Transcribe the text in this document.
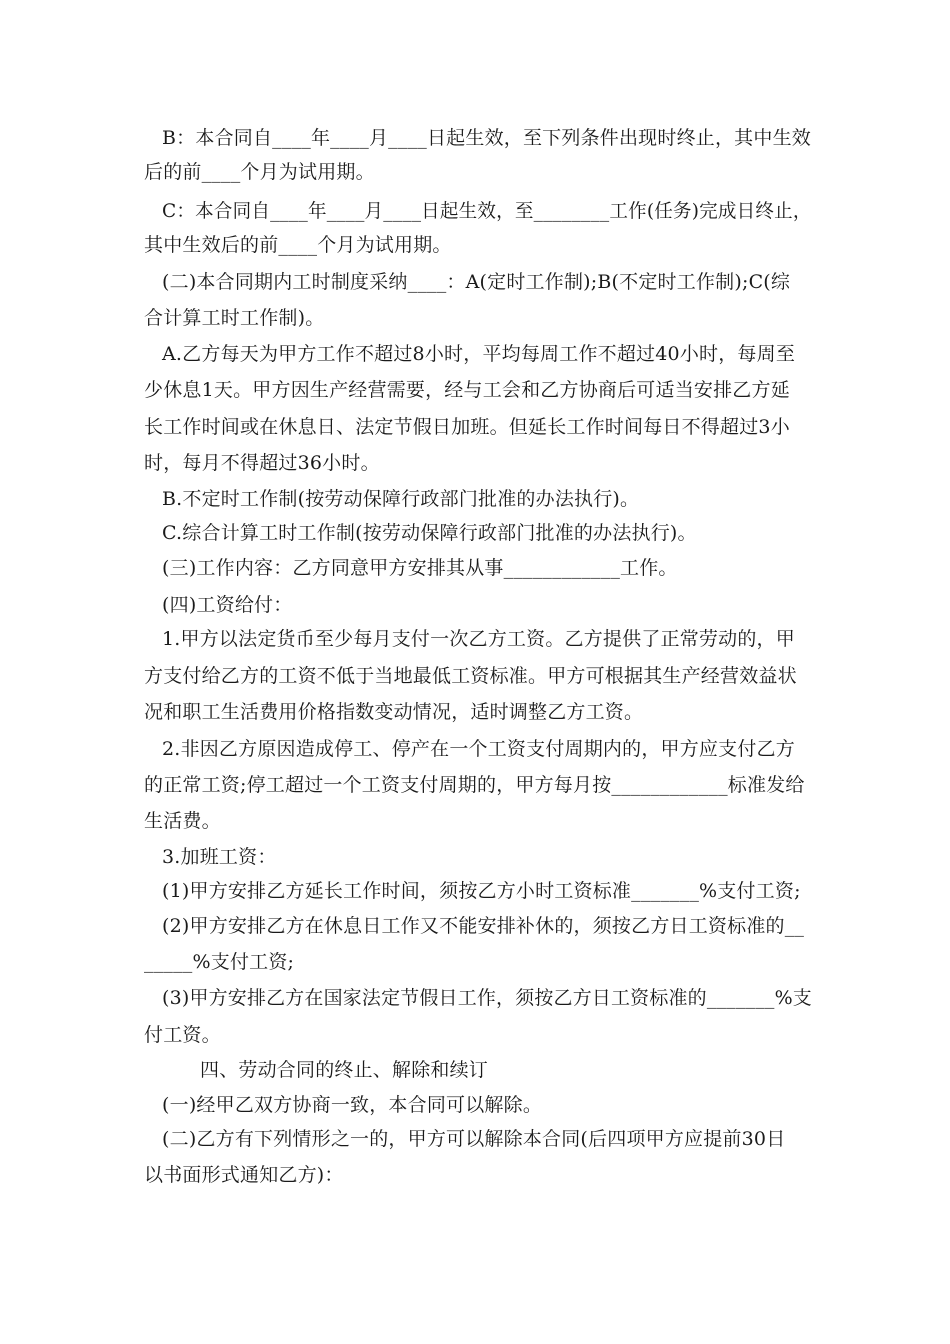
B：本合同自____年____月____日起生效，至下列条件出现时终止，其中生效
后的前____个月为试用期。
C：本合同自____年____月____日起生效，至________工作(任务)完成日终止，
其中生效后的前____个月为试用期。
(二)本合同期内工时制度采纳____：A(定时工作制);B(不定时工作制);C(综
合计算工时工作制)。
A.乙方每天为甲方工作不超过8小时，平均每周工作不超过40小时，每周至
少休息1天。甲方因生产经营需要，经与工会和乙方协商后可适当安排乙方延
长工作时间或在休息日、法定节假日加班。但延长工作时间每日不得超过3小
时，每月不得超过36小时。
B.不定时工作制(按劳动保障行政部门批准的办法执行)。
C.综合计算工时工作制(按劳动保障行政部门批准的办法执行)。
(三)工作内容：乙方同意甲方安排其从事____________工作。
(四)工资给付：
1.甲方以法定货币至少每月支付一次乙方工资。乙方提供了正常劳动的，甲
方支付给乙方的工资不低于当地最低工资标准。甲方可根据其生产经营效益状
况和职工生活费用价格指数变动情况，适时调整乙方工资。
2.非因乙方原因造成停工、停产在一个工资支付周期内的，甲方应支付乙方
的正常工资;停工超过一个工资支付周期的，甲方每月按____________标准发给
生活费。
3.加班工资：
(1)甲方安排乙方延长工作时间，须按乙方小时工资标准_______%支付工资;
(2)甲方安排乙方在休息日工作又不能安排补休的，须按乙方日工资标准的__
_____%支付工资;
(3)甲方安排乙方在国家法定节假日工作，须按乙方日工资标准的_______%支
付工资。
四、劳动合同的终止、解除和续订
(一)经甲乙双方协商一致，本合同可以解除。
(二)乙方有下列情形之一的，甲方可以解除本合同(后四项甲方应提前30日
以书面形式通知乙方)：
